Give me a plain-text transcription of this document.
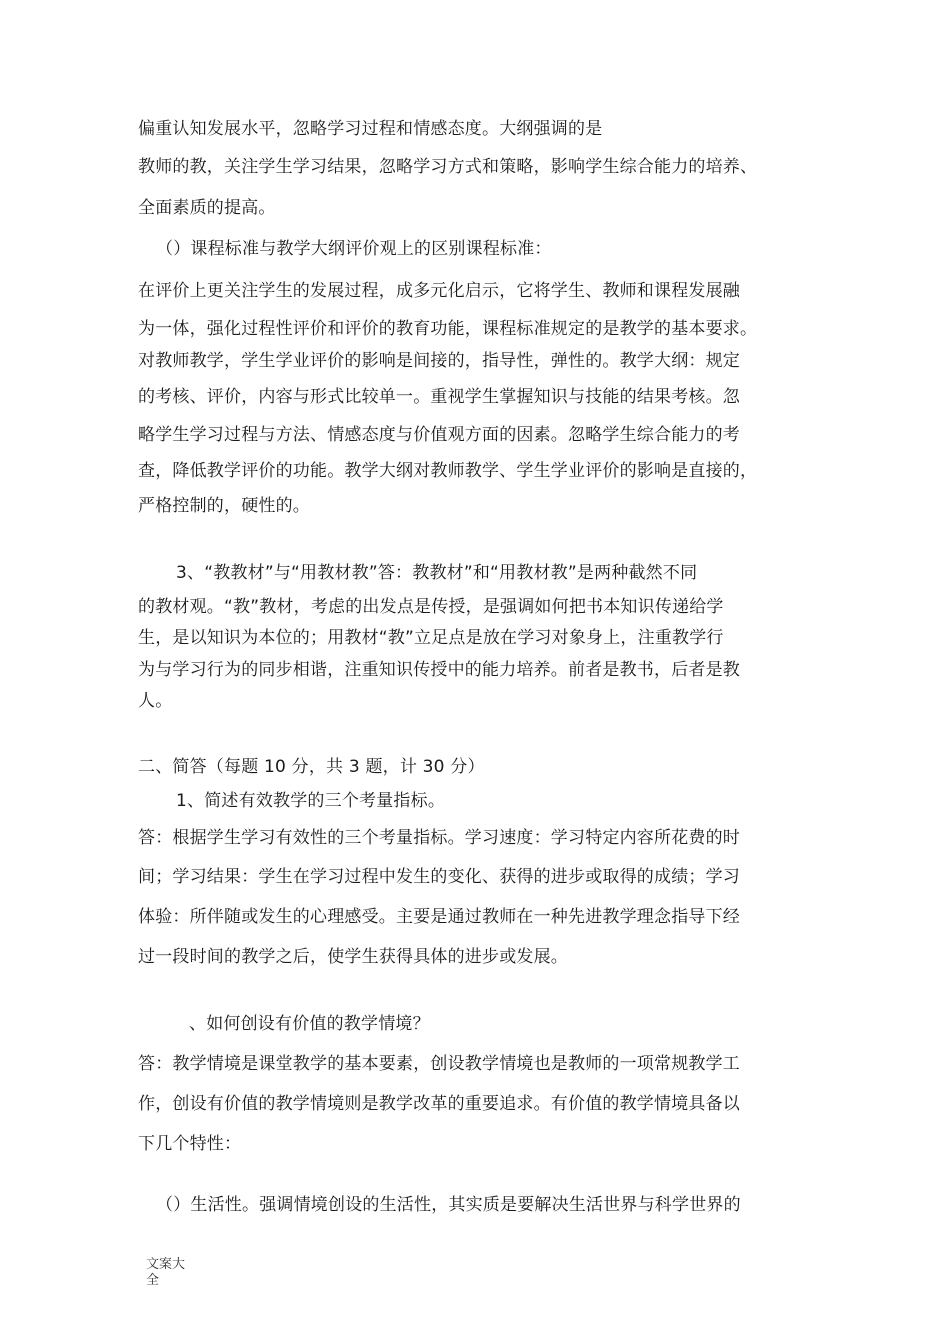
偏重认知发展水平，忽略学习过程和情感态度。大纲强调的是
教师的教，关注学生学习结果，忽略学习方式和策略，影响学生综合能力的培养、
全面素质的提高。
（）课程标准与教学大纲评价观上的区别课程标准：
在评价上更关注学生的发展过程，成多元化启示，它将学生、教师和课程发展融
为一体，强化过程性评价和评价的教育功能，课程标准规定的是教学的基本要求。
对教师教学，学生学业评价的影响是间接的，指导性，弹性的。教学大纲：规定
的考核、评价，内容与形式比较单一。重视学生掌握知识与技能的结果考核。忽
略学生学习过程与方法、情感态度与价值观方面的因素。忽略学生综合能力的考
查，降低教学评价的功能。教学大纲对教师教学、学生学业评价的影响是直接的，
严格控制的，硬性的。
3、“教教材”与“用教材教”答：教教材”和“用教材教”是两种截然不同
的教材观。“教”教材，考虑的出发点是传授，是强调如何把书本知识传递给学
生，是以知识为本位的；用教材“教”立足点是放在学习对象身上，注重教学行
为与学习行为的同步相谐，注重知识传授中的能力培养。前者是教书，后者是教
人。
二、简答（每题 10 分，共 3 题，计 30 分）
1、简述有效教学的三个考量指标。
答：根据学生学习有效性的三个考量指标。学习速度：学习特定内容所花费的时
间；学习结果：学生在学习过程中发生的变化、获得的进步或取得的成绩；学习
体验：所伴随或发生的心理感受。主要是通过教师在一种先进教学理念指导下经
过一段时间的教学之后，使学生获得具体的进步或发展。
、如何创设有价值的教学情境？
答：教学情境是课堂教学的基本要素，创设教学情境也是教师的一项常规教学工
作，创设有价值的教学情境则是教学改革的重要追求。有价值的教学情境具备以
下几个特性：
（）生活性。强调情境创设的生活性，其实质是要解决生活世界与科学世界的
文案大
全
